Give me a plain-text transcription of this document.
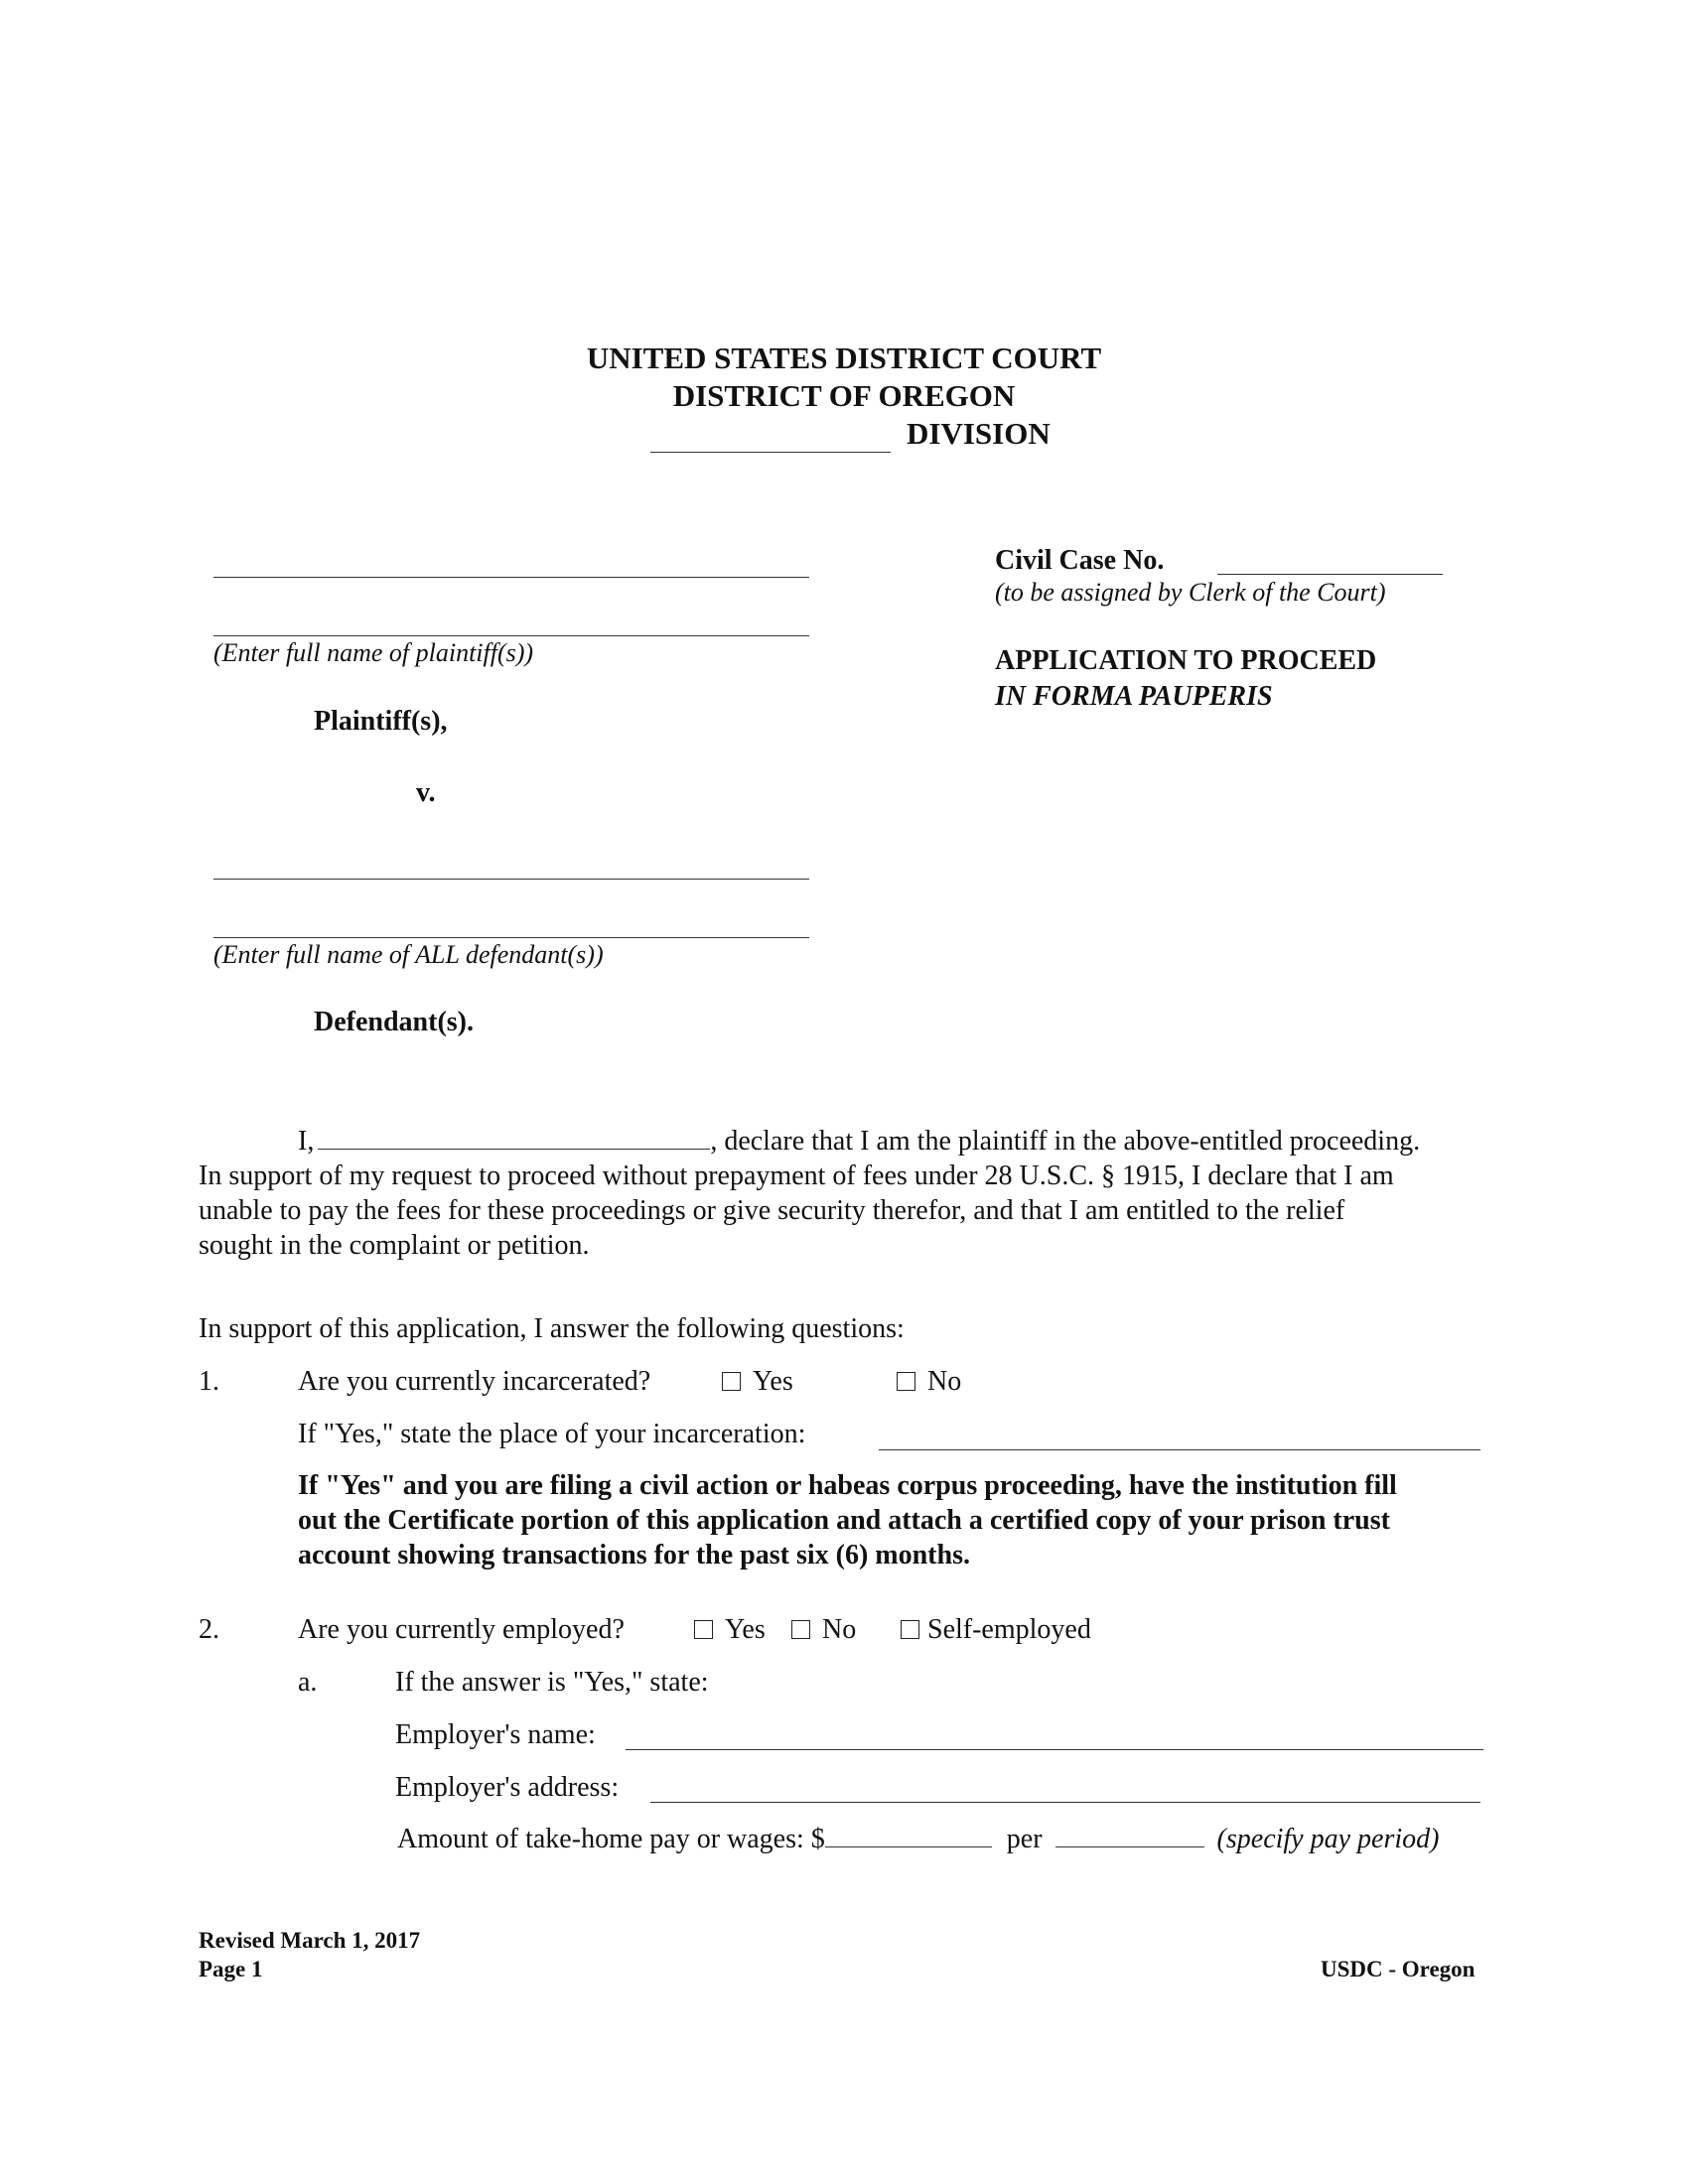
UNITED STATES DISTRICT COURT
DISTRICT OF OREGON
DIVISION
(Enter full name of plaintiff(s))
Plaintiff(s),
v.
(Enter full name of ALL defendant(s))
Defendant(s).
Civil Case No.
(to be assigned by Clerk of the Court)
APPLICATION TO PROCEED
IN FORMA PAUPERIS
I,	, declare that I am the plaintiff in the above-entitled proceeding.
In support of my request to proceed without prepayment of fees under 28 U.S.C. § 1915, I declare that I am
unable to pay the fees for these proceedings or give security therefor, and that I am entitled to the relief
sought in the complaint or petition.
In support of this application, I answer the following questions:
1.	Are you currently incarcerated?	Yes	No
If "Yes," state the place of your incarceration:
If "Yes" and you are filing a civil action or habeas corpus proceeding, have the institution fill
out the Certificate portion of this application and attach a certified copy of your prison trust
account showing transactions for the past six (6) months.
2.	Are you currently employed?	Yes	No	Self-employed
a.	If the answer is "Yes," state:
Employer's name:
Employer's address:
Amount of take-home pay or wages: $	per	(specify pay period)
Revised March 1, 2017
Page 1	USDC - Oregon
